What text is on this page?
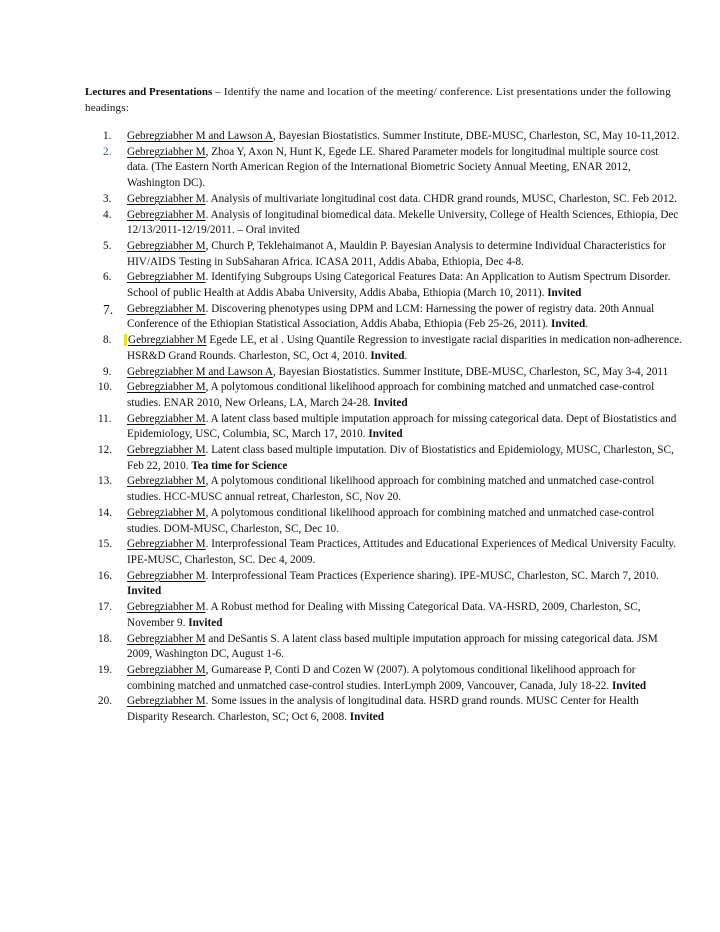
Lectures and Presentations – Identify the name and location of the meeting/ conference. List presentations under the following headings:
1.	Gebregziabher M and Lawson A, Bayesian Biostatistics. Summer Institute, DBE-MUSC, Charleston, SC, May 10-11,2012.
2.	Gebregziabher M, Zhoa Y, Axon N, Hunt K, Egede LE. Shared Parameter models for longitudinal multiple source cost data. (The Eastern North American Region of the International Biometric Society Annual Meeting, ENAR 2012, Washington DC).
3.	Gebregziabher M. Analysis of multivariate longitudinal cost data. CHDR grand rounds, MUSC, Charleston, SC. Feb 2012.
4.	Gebregziabher M. Analysis of longitudinal biomedical data. Mekelle University, College of Health Sciences, Ethiopia, Dec 12/13/2011-12/19/2011. – Oral invited
5.	Gebregziabher M, Church P, Teklehaimanot A, Mauldin P. Bayesian Analysis to determine Individual Characteristics for HIV/AIDS Testing in SubSaharan Africa. ICASA 2011, Addis Ababa, Ethiopia, Dec 4-8.
6.	Gebregziabher M. Identifying Subgroups Using Categorical Features Data: An Application to Autism Spectrum Disorder. School of public Health at Addis Ababa University, Addis Ababa, Ethiopia (March 10, 2011). Invited
7.	Gebregziabher M. Discovering phenotypes using DPM and LCM: Harnessing the power of registry data. 20th Annual Conference of the Ethiopian Statistical Association, Addis Ababa, Ethiopia (Feb 25-26, 2011). Invited.
8.	Gebregziabher M Egede LE, et al . Using Quantile Regression to investigate racial disparities in medication non-adherence. HSR&D Grand Rounds. Charleston, SC, Oct 4, 2010. Invited.
9.	Gebregziabher M and Lawson A, Bayesian Biostatistics. Summer Institute, DBE-MUSC, Charleston, SC, May 3-4, 2011
10.	Gebregziabher M, A polytomous conditional likelihood approach for combining matched and unmatched case-control studies. ENAR 2010, New Orleans, LA, March 24-28. Invited
11.	Gebregziabher M. A latent class based multiple imputation approach for missing categorical data. Dept of Biostatistics and Epidemiology, USC, Columbia, SC, March 17, 2010. Invited
12.	Gebregziabher M. Latent class based multiple imputation. Div of Biostatistics and Epidemiology, MUSC, Charleston, SC, Feb 22, 2010. Tea time for Science
13.	Gebregziabher M, A polytomous conditional likelihood approach for combining matched and unmatched case-control studies. HCC-MUSC annual retreat, Charleston, SC, Nov 20.
14.	Gebregziabher M, A polytomous conditional likelihood approach for combining matched and unmatched case-control studies. DOM-MUSC, Charleston, SC, Dec 10.
15.	Gebregziabher M. Interprofessional Team Practices, Attitudes and Educational Experiences of Medical University Faculty. IPE-MUSC, Charleston, SC. Dec 4, 2009.
16.	Gebregziabher M. Interprofessional Team Practices (Experience sharing). IPE-MUSC, Charleston, SC. March 7, 2010. Invited
17.	Gebregziabher M. A Robust method for Dealing with Missing Categorical Data. VA-HSRD, 2009, Charleston, SC, November 9. Invited
18.	Gebregziabher M and DeSantis S. A latent class based multiple imputation approach for missing categorical data. JSM 2009, Washington DC, August 1-6.
19.	Gebregziabher M, Gumarease P, Conti D and Cozen W (2007). A polytomous conditional likelihood approach for combining matched and unmatched case-control studies. InterLymph 2009, Vancouver, Canada, July 18-22. Invited
20.	Gebregziabher M. Some issues in the analysis of longitudinal data. HSRD grand rounds. MUSC Center for Health Disparity Research. Charleston, SC; Oct 6, 2008. Invited
